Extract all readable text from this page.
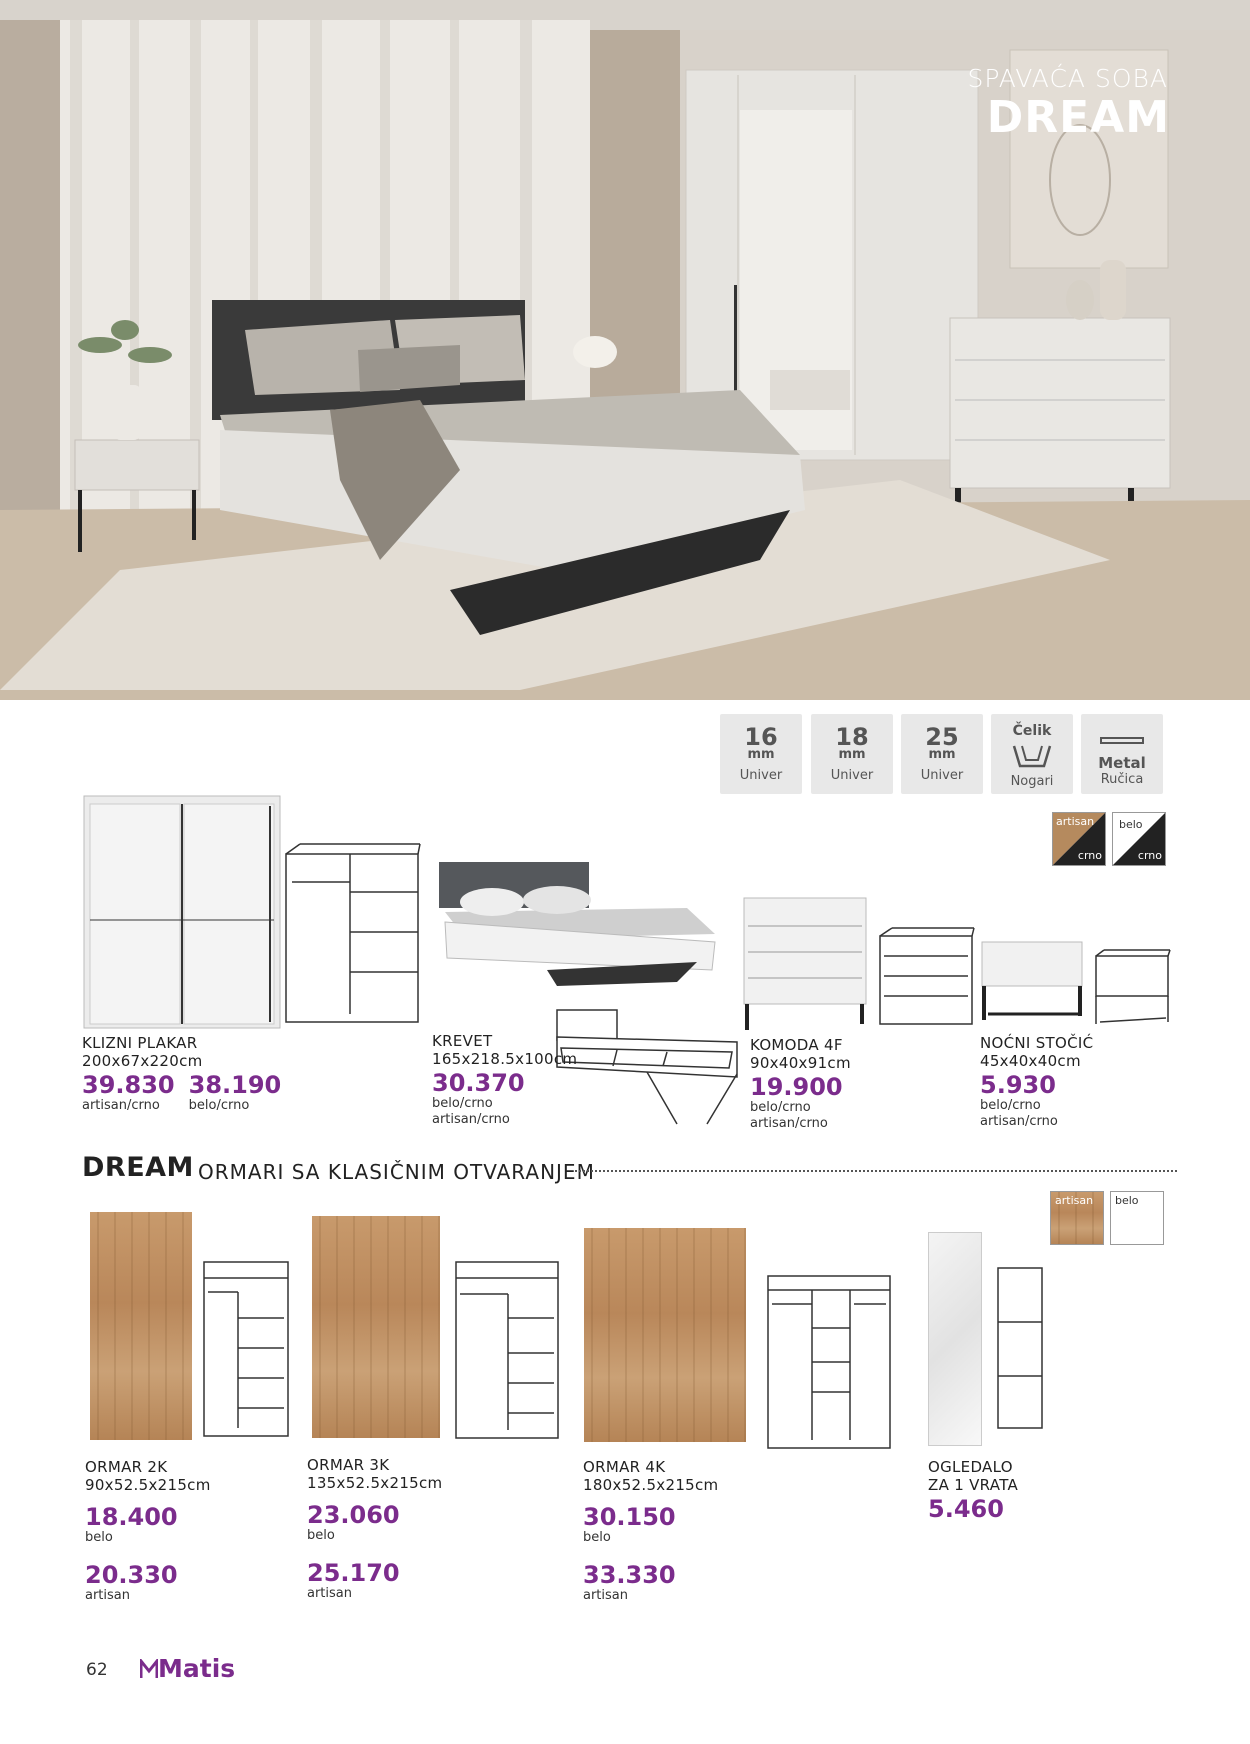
SPAVAĆA SOBA
DREAM
16
mm
Univer
18
mm
Univer
25
mm
Univer
Čelik
Nogari
Metal
Ručica
artisan
crno
belo
crno
KLIZNI PLAKAR
200x67x220cm
39.830
artisan/crno
38.190
belo/crno
KREVET
165x218.5x100cm
30.370
belo/crno
artisan/crno
KOMODA 4F
90x40x91cm
19.900
belo/crno
artisan/crno
NOĆNI STOČIĆ
45x40x40cm
5.930
belo/crno
artisan/crno
DREAM ORMARI SA KLASIČNIM OTVARANJEM
artisan belo
ORMAR 2K
90x52.5x215cm
18.400
belo
20.330
artisan
ORMAR 3K
135x52.5x215cm
23.060
belo
25.170
artisan
ORMAR 4K
180x52.5x215cm
30.150
belo
33.330
artisan
OGLEDALO
ZA 1 VRATA
5.460
62	Matis
